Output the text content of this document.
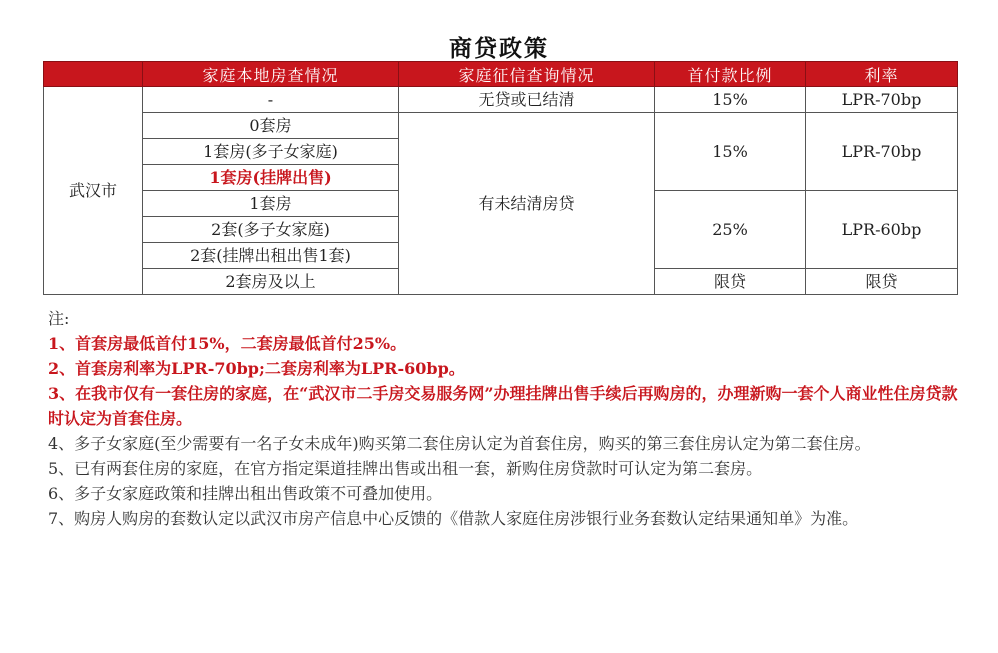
商贷政策
	家庭本地房查情况	家庭征信查询情况	首付款比例	利率
武汉市	-	无贷或已结清	15%	LPR-70bp
	0套房	有未结清房贷	15%	LPR-70bp
	1套房(多子女家庭)			
	1套房(挂牌出售)			
	1套房		25%	LPR-60bp
	2套(多子女家庭)			
	2套(挂牌出租出售1套)			
	2套房及以上		限贷	限贷

注:

1、首套房最低首付15%，二套房最低首付25%。

2、首套房利率为LPR-70bp;二套房利率为LPR-60bp。

3、在我市仅有一套住房的家庭，在“武汉市二手房交易服务网”办理挂牌出售手续后再购房的，办理新购一套个人商业性住房贷款时认定为首套住房。

4、多子女家庭(至少需要有一名子女未成年)购买第二套住房认定为首套住房，购买的第三套住房认定为第二套住房。

5、已有两套住房的家庭，在官方指定渠道挂牌出售或出租一套，新购住房贷款时可认定为第二套房。

6、多子女家庭政策和挂牌出租出售政策不可叠加使用。

7、购房人购房的套数认定以武汉市房产信息中心反馈的《借款人家庭住房涉银行业务套数认定结果通知单》为准。
